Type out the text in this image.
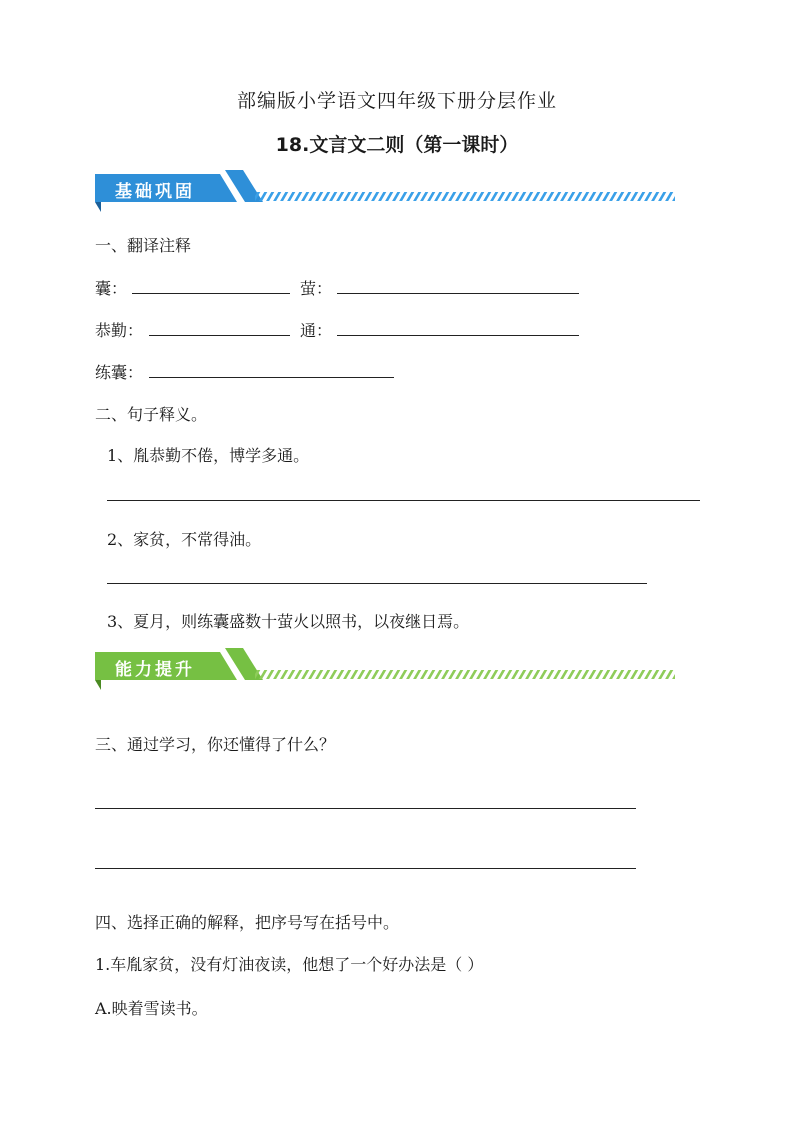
部编版小学语文四年级下册分层作业
18.文言文二则（第一课时）
基础巩固
一、翻译注释
囊：	萤：
恭勤：	通：
练囊：
二、句子释义。
1、胤恭勤不倦，博学多通。
2、家贫，不常得油。
3、夏月，则练囊盛数十萤火以照书，以夜继日焉。
能力提升
三、通过学习，你还懂得了什么？
四、选择正确的解释，把序号写在括号中。
1.车胤家贫，没有灯油夜读，他想了一个好办法是（ ）
A.映着雪读书。
